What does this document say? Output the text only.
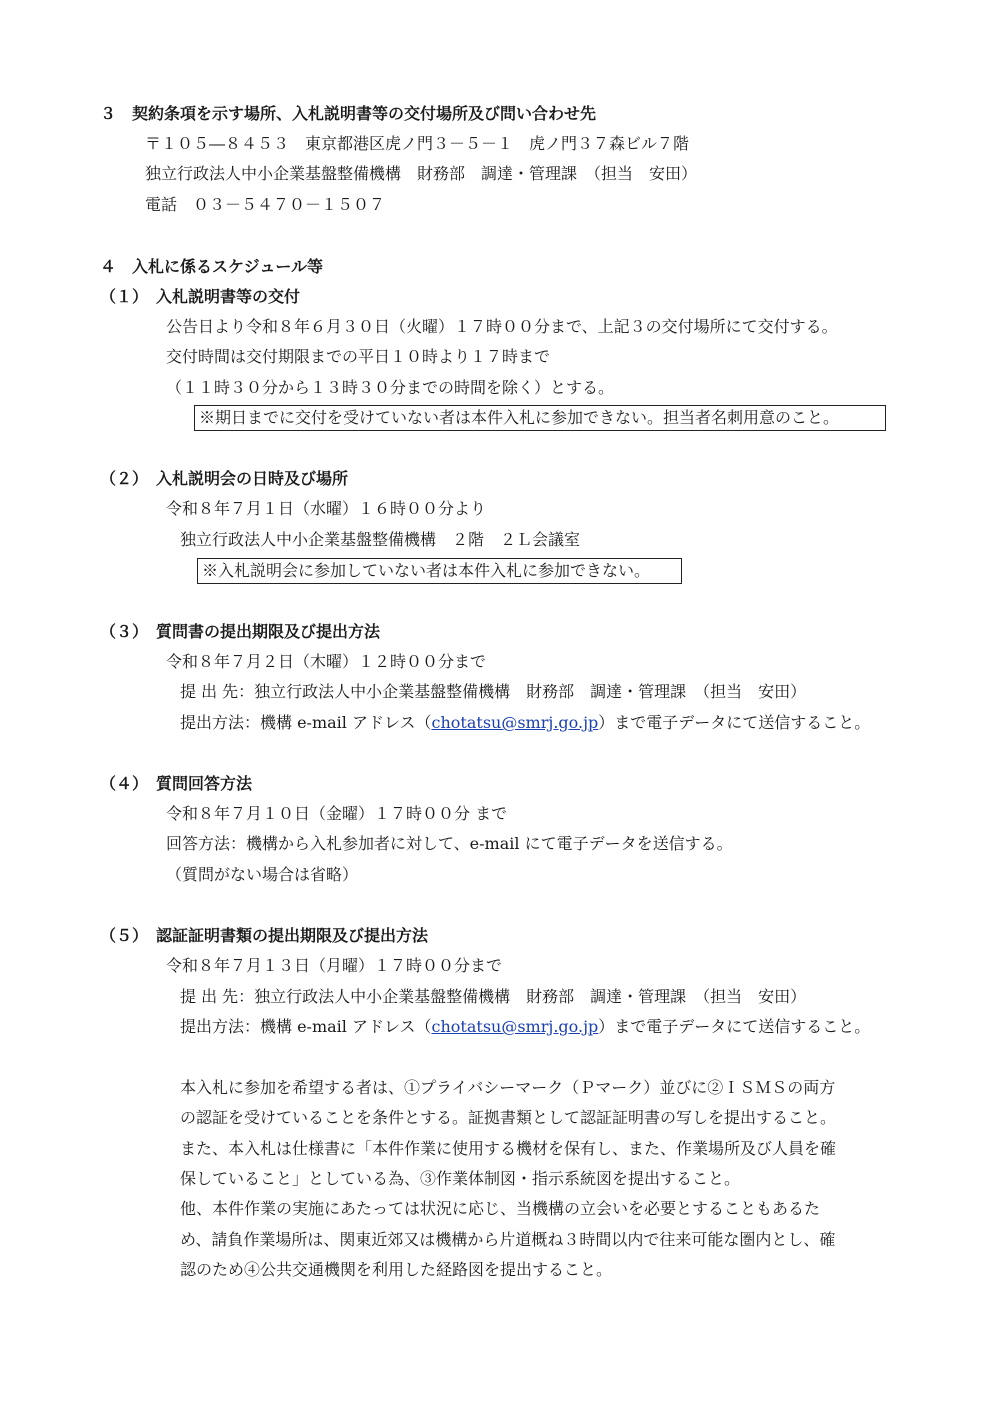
３　契約条項を示す場所、入札説明書等の交付場所及び問い合わせ先
〒１０５―８４５３　東京都港区虎ノ門３－５－１　虎ノ門３７森ビル７階
独立行政法人中小企業基盤整備機構　財務部　調達・管理課　（担当　安田）
電話　０３－５４７０－１５０７
４　入札に係るスケジュール等
（１）　入札説明書等の交付
公告日より令和８年６月３０日（火曜）１７時００分まで、上記３の交付場所にて交付する。
交付時間は交付期限までの平日１０時より１７時まで
（１１時３０分から１３時３０分までの時間を除く）とする。
※期日までに交付を受けていない者は本件入札に参加できない。担当者名刺用意のこと。
（２）　入札説明会の日時及び場所
令和８年７月１日（水曜）１６時００分より
独立行政法人中小企業基盤整備機構　２階　２Ｌ会議室
※入札説明会に参加していない者は本件入札に参加できない。
（３）　質問書の提出期限及び提出方法
令和８年７月２日（木曜）１２時００分まで
提 出 先：独立行政法人中小企業基盤整備機構　財務部　調達・管理課　（担当　安田）
提出方法：機構 e-mail アドレス（chotatsu@smrj.go.jp）まで電子データにて送信すること。
（４）　質問回答方法
令和８年７月１０日（金曜）１７時００分 まで
回答方法：機構から入札参加者に対して、e-mail にて電子データを送信する。
（質問がない場合は省略）
（５）　認証証明書類の提出期限及び提出方法
令和８年７月１３日（月曜）１７時００分まで
提 出 先：独立行政法人中小企業基盤整備機構　財務部　調達・管理課　（担当　安田）
提出方法：機構 e-mail アドレス（chotatsu@smrj.go.jp）まで電子データにて送信すること。
本入札に参加を希望する者は、①プライバシーマーク（Ｐマーク）並びに②ＩＳＭＳの両方
の認証を受けていることを条件とする。証拠書類として認証証明書の写しを提出すること。
また、本入札は仕様書に「本件作業に使用する機材を保有し、また、作業場所及び人員を確
保していること」としている為、③作業体制図・指示系統図を提出すること。
他、本件作業の実施にあたっては状況に応じ、当機構の立会いを必要とすることもあるた
め、請負作業場所は、関東近郊又は機構から片道概ね３時間以内で往来可能な圏内とし、確
認のため④公共交通機関を利用した経路図を提出すること。
